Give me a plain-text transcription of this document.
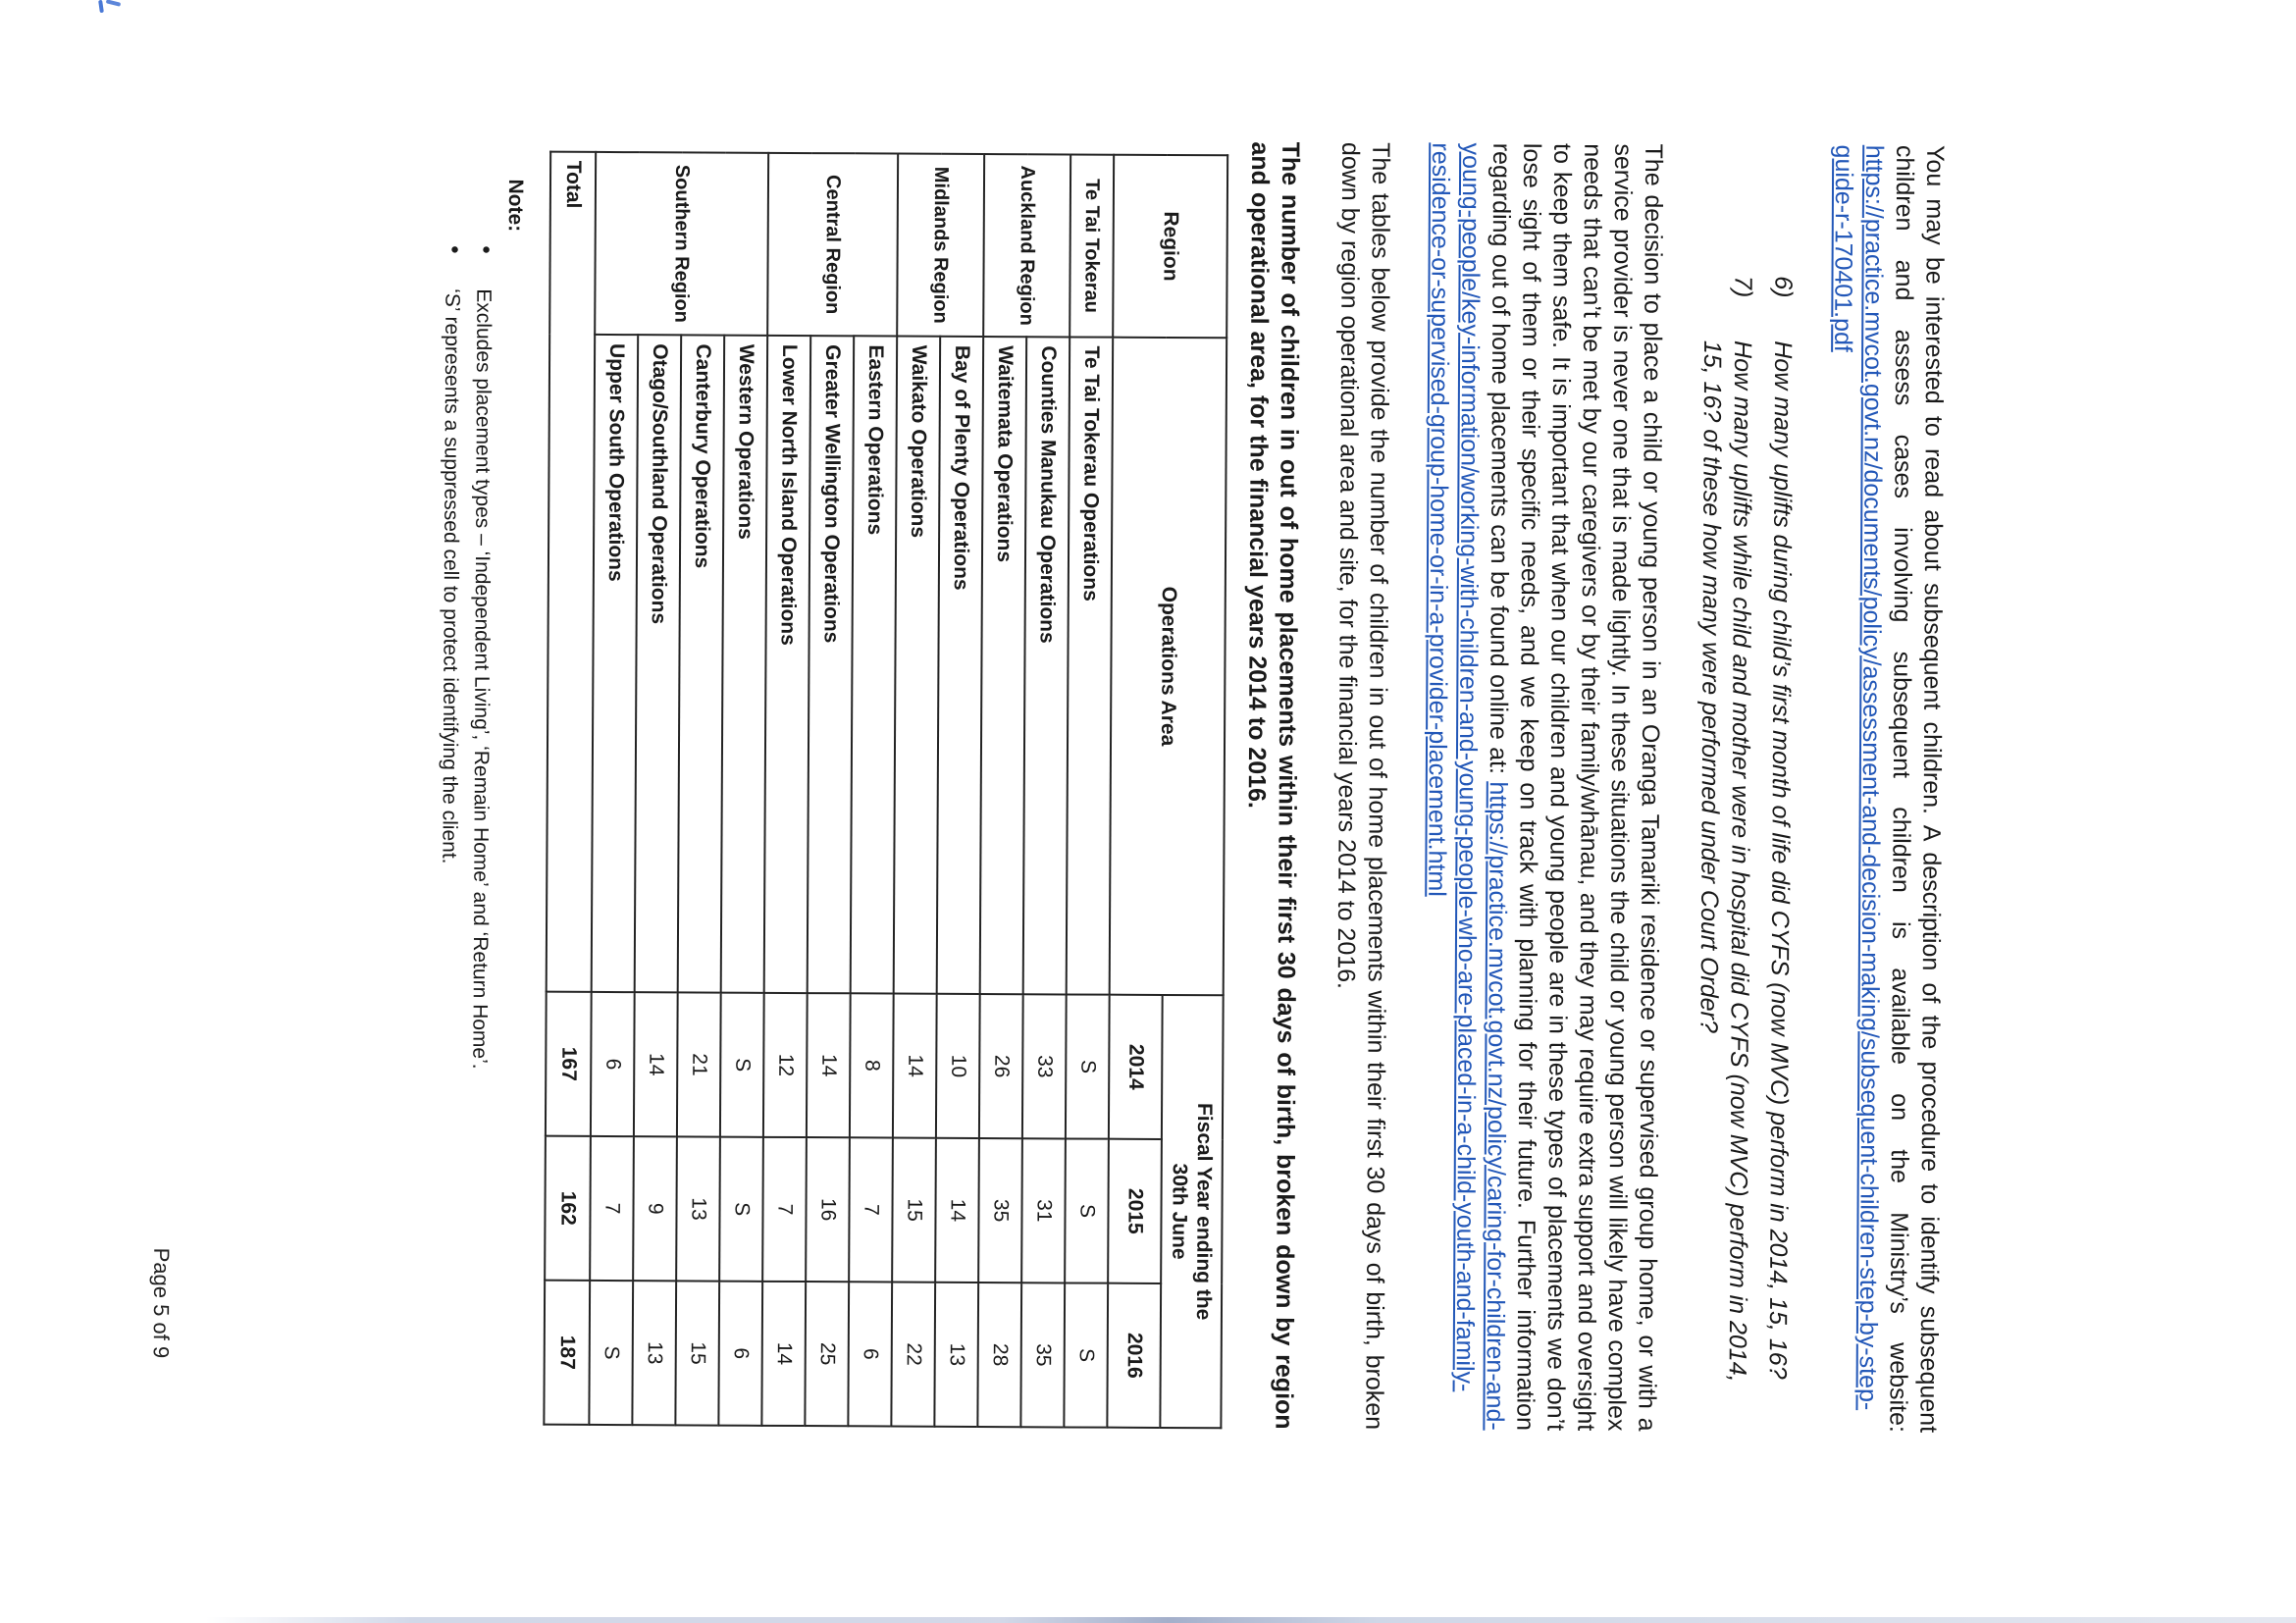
You may be interested to read about subsequent children. A description of the procedure to identify subsequent children and assess cases involving subsequent children is available on the Ministry’s website: https://practice.mvcot.govt.nz/documents/policy/assessment-and-decision-making/subsequent-children-step-by-step-guide-r-170401.pdf

6)
How many uplifts during child’s first month of life did CYFS (now MVC) perform in 2014, 15, 16?
7)
How many uplifts while child and mother were in hospital did CYFS (now MVC) perform in 2014, 15, 16? of these how many were performed under Court Order?

The decision to place a child or young person in an Oranga Tamariki residence or supervised group home, or with a service provider is never one that is made lightly. In these situations the child or young person will likely have complex needs that can’t be met by our caregivers or by their family/whānau, and they may require extra support and oversight to keep them safe. It is important that when our children and young people are in these types of placements we don’t lose sight of them or their specific needs, and we keep on track with planning for their future. Further information regarding out of home placements can be found online at: https://practice.mvcot.govt.nz/policy/caring-for-children-and-young-people/key-information/working-with-children-and-young-people-who-are-placed-in-a-child-youth-and-family-residence-or-supervised-group-home-or-in-a-provider-placement.html

The tables below provide the number of children in out of home placements within their first 30 days of birth, broken down by region operational area and site, for the financial years 2014 to 2016.

The number of children in out of home placements within their first 30 days of birth, broken down by region and operational area, for the financial years 2014 to 2016.
Region	Operations Area	Fiscal Year ending the
30th June		

		2014	2015	2016
Te Tai Tokerau	Te Tai Tokerau Operations	S	S	S
Auckland Region	Counties Manukau Operations	33	31	35
	Waitemata Operations	26	35	28
Midlands Region	Bay of Plenty Operations	10	14	13
	Waikato Operations	14	15	22
Central Region	Eastern Operations	8	7	6
	Greater Wellington Operations	14	16	25
	Lower North Island Operations	12	7	14
Southern Region	Western Operations	S	S	6
	Canterbury Operations	21	13	15
	Otago/Southland Operations	14	9	13
	Upper South Operations	6	7	S
Total		167	162	187
Note:
•
Excludes placement types – ‘Independent Living’, ‘Remain Home’ and ‘Return Home’.
•
‘S’ represents a suppressed cell to protect identifying the client.
Page 5 of 9
